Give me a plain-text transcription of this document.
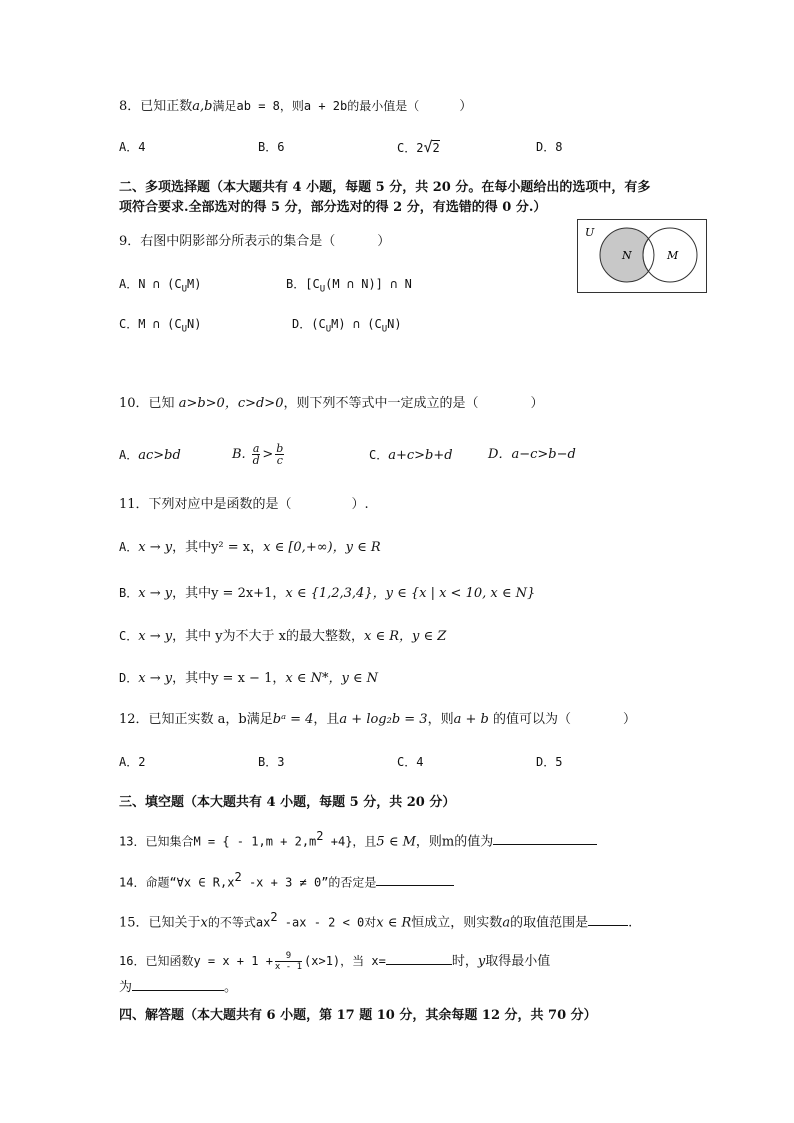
8．已知正数a,b满足ab = 8，则a + 2b的最小值是（	）
A．4	B．6	C．2√2	D．8
二、多项选择题（本大题共有 4 小题，每题 5 分，共 20 分。在每小题给出的选项中，有多
项符合要求.全部选对的得 5 分，部分选对的得 2 分，有选错的得 0 分.）
9．右图中阴影部分所表示的集合是（	）
U
N	M
A．N ∩ $(C_UM)$	B．[$C_U(M$ ∩ N)] ∩ N
C．M ∩ $(C_UN)$	D．$(C_UM)$ ∩ $(C_UN)$
10．已知 a>b>0，c>d>0，则下列不等式中一定成立的是（	）
A．ac>bd	B. $\frac{a}{d} > \frac{b}{c}$	C．a+c>b+d	D．a−c>b−d
11．下列对应中是函数的是（	）.
A．x → y，其中y² = x，x ∈ [0,+∞)，y ∈ R
B．x → y，其中y = 2x+1，x ∈ {1,2,3,4}，y ∈ {x | x < 10, x ∈ N}
C．x → y，其中 y为不大于 x的最大整数，x ∈ R，y ∈ Z
D．x → y，其中y = x − 1，x ∈ N*，y ∈ N
12．已知正实数 a，b满足bᵃ = 4，且a + log₂b = 3，则a + b 的值可以为（	）
A．2	B．3	C．4	D．5
三、填空题（本大题共有 4 小题，每题 5 分，共 20 分）
13．已知集合M = { - $1,m + 2,m^2 +4$}，且5 ∈ M，则m的值为
14．命题“∀x ∈ $R,x^2$ -x + 3 ≠ 0”的否定是
15．已知关于x的不等式$ax^2$ -ax - 2 < 0对x ∈ R恒成立，则实数a的取值范围是	.
16．已知函数$y = x + 1 + \frac{9}{x - 1} (x>1)$，当 x=	时，y取得最小值
为	。
四、解答题（本大题共有 6 小题，第 17 题 10 分，其余每题 12 分，共 70 分）
